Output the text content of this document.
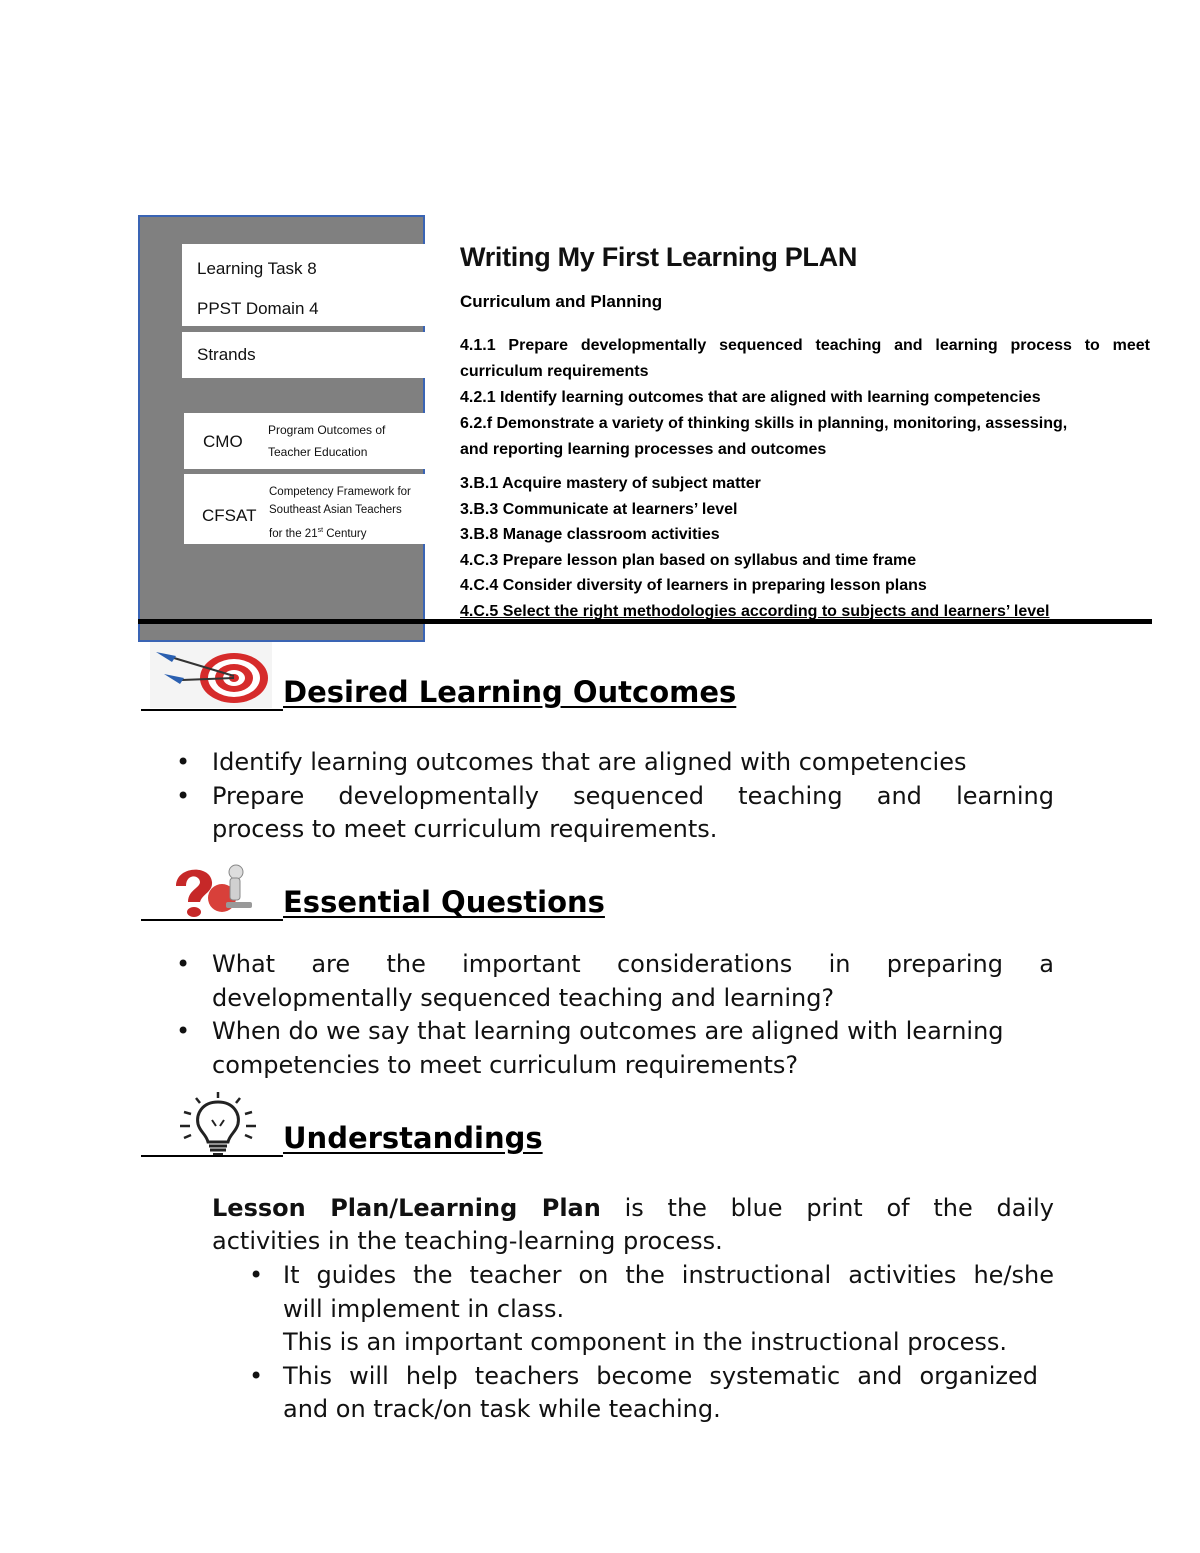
Learning Task 8
PPST Domain 4
Strands
CMO
Program Outcomes of
Teacher Education
CFSAT
Competency Framework for
Southeast Asian Teachers
for the 21st Century
Writing My First Learning PLAN
Curriculum and Planning
4.1.1 Prepare developmentally sequenced teaching and learning process to meet
curriculum requirements
4.2.1 Identify learning outcomes that are aligned with learning competencies
6.2.f Demonstrate a variety of thinking skills in planning, monitoring, assessing,
and reporting learning processes and outcomes
3.B.1 Acquire mastery of subject matter
3.B.3 Communicate at learners’ level
3.B.8 Manage classroom activities
4.C.3 Prepare lesson plan based on syllabus and time frame
4.C.4 Consider diversity of learners in preparing lesson plans
4.C.5 Select the right methodologies according to subjects and learners’ level
Desired Learning Outcomes
• Identify learning outcomes that are aligned with competencies
• Prepare developmentally sequenced teaching and learning
process to meet curriculum requirements.
Essential Questions
• What are the important considerations in preparing a
developmentally sequenced teaching and learning?
• When do we say that learning outcomes are aligned with learning
competencies to meet curriculum requirements?
Understandings
Lesson Plan/Learning Plan is the blue print of the daily
activities in the teaching-learning process.
• It guides the teacher on the instructional activities he/she
will implement in class.
This is an important component in the instructional process.
• This will help teachers become systematic and organized
and on track/on task while teaching.
